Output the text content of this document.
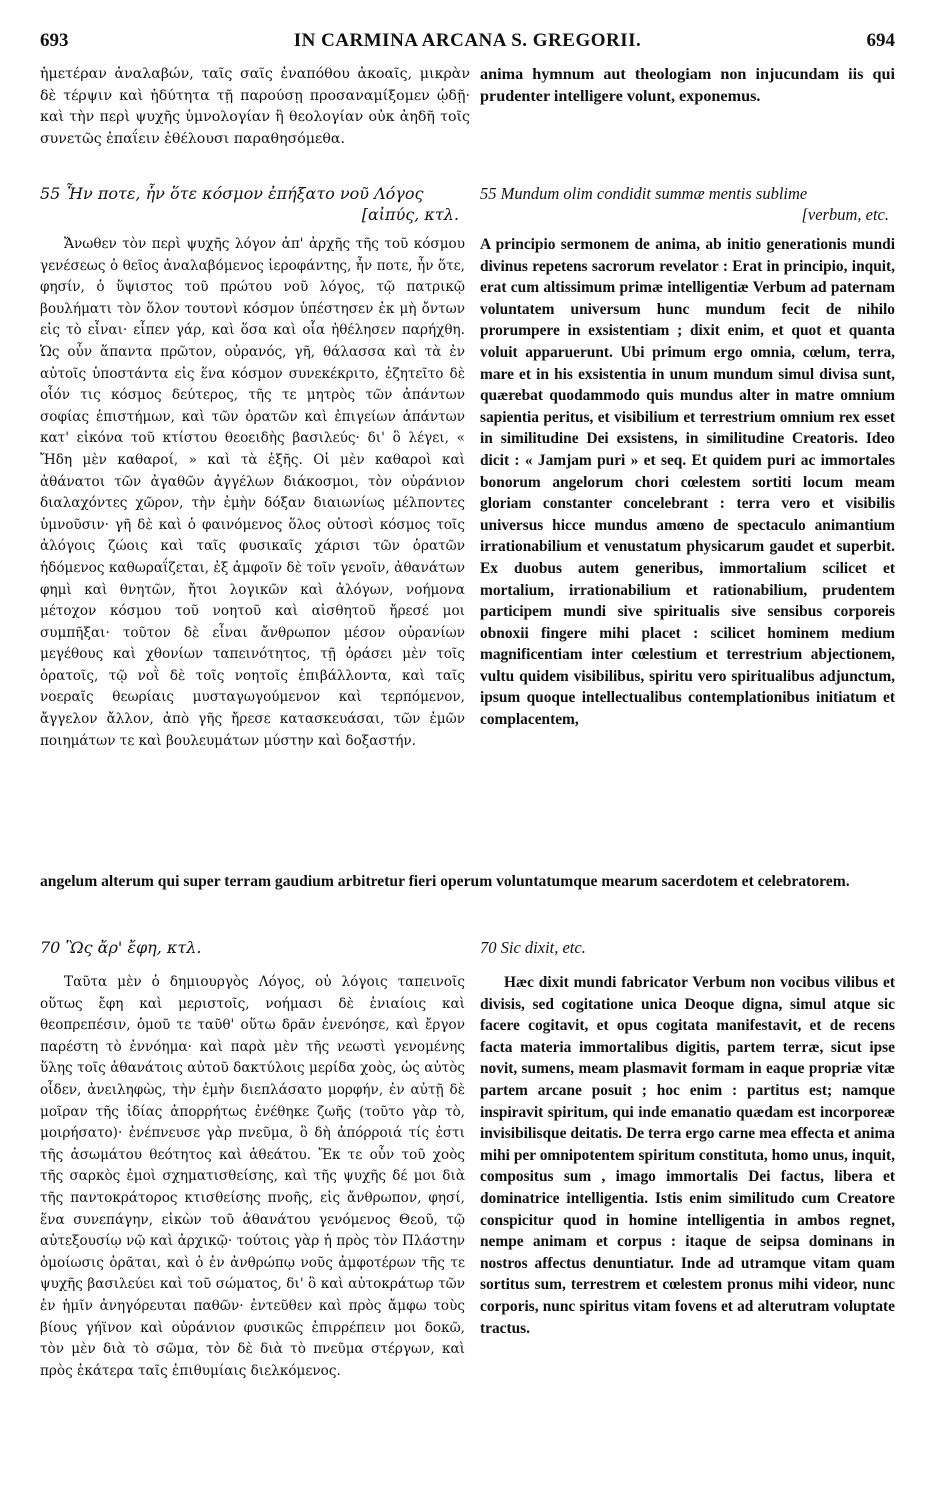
693	IN CARMINA ARCANA S. GREGORII.	694

ἡμετέραν ἀναλαβών, ταῖς σαῖς ἐναπόθου ἀκοαῖς, μικρὰν δὲ τέρψιν καὶ ἡδύτητα τῇ παρούσῃ προσαναμίξομεν ᾠδῇ· καὶ τὴν περὶ ψυχῆς ὑμνολογίαν ἢ θεολογίαν οὐκ ἀηδῆ τοῖς συνετῶς ἐπαΐειν ἐθέλουσι παραθησόμεθα.

anima hymnum aut theologiam non injucundam iis qui prudenter intelligere volunt, exponemus.

55 Ἦν ποτε, ἦν ὅτε κόσμον ἐπήξατο νοῦ Λόγος
[αἰπύς, κτλ.
55 Mundum olim condidit summæ mentis sublime
[verbum, etc.

Ἄνωθεν τὸν περὶ ψυχῆς λόγον ἀπ' ἀρχῆς τῆς τοῦ κόσμου γενέσεως ὁ θεῖος ἀναλαβόμενος ἱεροφάντης, ἦν ποτε, ἦν ὅτε, φησίν, ὁ ὕψιστος τοῦ πρώτου νοῦ λόγος, τῷ πατρικῷ βουλήματι τὸν ὅλον τουτονὶ κόσμον ὑπέστησεν ἐκ μὴ ὄντων εἰς τὸ εἶναι· εἶπεν γάρ, καὶ ὅσα καὶ οἷα ἠθέλησεν παρήχθη. Ὡς οὖν ἅπαντα πρῶτον, οὐρανός, γῆ, θάλασσα καὶ τὰ ἐν αὐτοῖς ὑποστάντα εἰς ἕνα κόσμον συνεκέκριτο, ἐζητεῖτο δὲ οἷόν τις κόσμος δεύτερος, τῆς τε μητρὸς τῶν ἀπάντων σοφίας ἐπιστήμων, καὶ τῶν ὁρατῶν καὶ ἐπιγείων ἁπάντων κατ' εἰκόνα τοῦ κτίστου θεοειδὴς βασιλεύς· δι' ὃ λέγει, « Ἤδη μὲν καθαροί, » καὶ τὰ ἑξῆς. Οἱ μὲν καθαροὶ καὶ ἀθάνατοι τῶν ἀγαθῶν ἀγγέλων διάκοσμοι, τὸν οὐράνιον διαλαχόντες χῶρον, τὴν ἐμὴν δόξαν διαιωνίως μέλποντες ὑμνοῦσιν· γῆ δὲ καὶ ὁ φαινόμενος ὅλος οὑτοσὶ κόσμος τοῖς ἀλόγοις ζώοις καὶ ταῖς φυσικαῖς χάρισι τῶν ὁρατῶν ἡδόμενος καθωραΐζεται, ἐξ ἀμφοῖν δὲ τοῖν γενοῖν, ἀθανάτων φημὶ καὶ θνητῶν, ἤτοι λογικῶν καὶ ἀλόγων, νοήμονα μέτοχον κόσμου τοῦ νοητοῦ καὶ αἰσθητοῦ ἤρεσέ μοι συμπῆξαι· τοῦτον δὲ εἶναι ἄνθρωπον μέσον οὐρανίων μεγέθους καὶ χθονίων ταπεινότητος, τῇ ὁράσει μὲν τοῖς ὁρατοῖς, τῷ νοῒ δὲ τοῖς νοητοῖς ἐπιβάλλοντα, καὶ ταῖς νοεραῖς θεωρίαις μυσταγωγούμενον καὶ τερπόμενον, ἄγγελον ἄλλον, ἀπὸ γῆς ἤρεσε κατασκευάσαι, τῶν ἐμῶν ποιημάτων τε καὶ βουλευμάτων μύστην καὶ δοξαστήν.

A principio sermonem de anima, ab initio generationis mundi divinus repetens sacrorum revelator : Erat in principio, inquit, erat cum altissimum primæ intelligentiæ Verbum ad paternam voluntatem universum hunc mundum fecit de nihilo prorumpere in exsistentiam ; dixit enim, et quot et quanta voluit apparuerunt. Ubi primum ergo omnia, cœlum, terra, mare et in his exsistentia in unum mundum simul divisa sunt, quærebat quodammodo quis mundus alter in matre omnium sapientia peritus, et visibilium et terrestrium omnium rex esset in similitudine Dei exsistens, in similitudine Creatoris. Ideo dicit : « Jamjam puri » et seq. Et quidem puri ac immortales bonorum angelorum chori cœlestem sortiti locum meam gloriam constanter concelebrant : terra vero et visibilis universus hicce mundus amœno de spectaculo animantium irrationabilium et venustatum physicarum gaudet et superbit. Ex duobus autem generibus, immortalium scilicet et mortalium, irrationabilium et rationabilium, prudentem participem mundi sive spiritualis sive sensibus corporeis obnoxii fingere mihi placet : scilicet hominem medium magnificentiam inter cœlestium et terrestrium abjectionem, vultu quidem visibilibus, spiritu vero spiritualibus adjunctum, ipsum quoque intellectualibus contemplationibus initiatum et complacentem,

angelum alterum qui super terram gaudium arbitretur fieri operum voluntatumque mearum sacerdotem et celebratorem.

70 Ὣς ἄρ' ἔφη, κτλ.	70 Sic dixit, etc.

Ταῦτα μὲν ὁ δημιουργὸς Λόγος, οὐ λόγοις ταπεινοῖς οὕτως ἔφη καὶ μεριστοῖς, νοήμασι δὲ ἑνιαίοις καὶ θεοπρεπέσιν, ὁμοῦ τε ταῦθ' οὕτω δρᾶν ἐνενόησε, καὶ ἔργον παρέστη τὸ ἐννόημα· καὶ παρὰ μὲν τῆς νεωστὶ γενομένης ὕλης τοῖς ἀθανάτοις αὐτοῦ δακτύλοις μερίδα χοὸς, ὡς αὐτὸς οἶδεν, ἀνειληφὼς, τὴν ἐμὴν διεπλάσατο μορφήν, ἐν αὐτῇ δὲ μοῖραν τῆς ἰδίας ἀπορρήτως ἐνέθηκε ζωῆς (τοῦτο γὰρ τὸ, μοιρήσατο)· ἐνέπνευσε γὰρ πνεῦμα, ὃ δὴ ἀπόρροιά τίς ἐστι τῆς ἀσωμάτου θεότητος καὶ ἀθεάτου. Ἔκ τε οὖν τοῦ χοὸς τῆς σαρκὸς ἐμοὶ σχηματισθείσης, καὶ τῆς ψυχῆς δέ μοι διὰ τῆς παντοκράτορος κτισθείσης πνοῆς, εἰς ἄνθρωπον, φησί, ἕνα συνεπάγην, εἰκὼν τοῦ ἀθανάτου γενόμενος Θεοῦ, τῷ αὐτεξουσίῳ νῷ καὶ ἀρχικῷ· τούτοις γὰρ ἡ πρὸς τὸν Πλάστην ὁμοίωσις ὁρᾶται, καὶ ὁ ἐν ἀνθρώπῳ νοῦς ἀμφοτέρων τῆς τε ψυχῆς βασιλεύει καὶ τοῦ σώματος, δι' ὃ καὶ αὐτοκράτωρ τῶν ἐν ἡμῖν ἀνηγόρευται παθῶν· ἐντεῦθεν καὶ πρὸς ἄμφω τοὺς βίους γήϊνον καὶ οὐράνιον φυσικῶς ἐπιρρέπειν μοι δοκῶ, τὸν μὲν διὰ τὸ σῶμα, τὸν δὲ διὰ τὸ πνεῦμα στέργων, καὶ πρὸς ἑκάτερα ταῖς ἐπιθυμίαις διελκόμενος.

Hæc dixit mundi fabricator Verbum non vocibus vilibus et divisis, sed cogitatione unica Deoque digna, simul atque sic facere cogitavit, et opus cogitata manifestavit, et de recens facta materia immortalibus digitis, partem terræ, sicut ipse novit, sumens, meam plasmavit formam in eaque propriæ vitæ partem arcane posuit ; hoc enim : partitus est; namque inspiravit spiritum, qui inde emanatio quædam est incorporeæ invisibilisque deitatis. De terra ergo carne mea effecta et anima mihi per omnipotentem spiritum constituta, homo unus, inquit, compositus sum , imago immortalis Dei factus, libera et dominatrice intelligentia. Istis enim similitudo cum Creatore conspicitur quod in homine intelligentia in ambos regnet, nempe animam et corpus : itaque de seipsa dominans in nostros affectus denuntiatur. Inde ad utramque vitam quam sortitus sum, terrestrem et cœlestem pronus mihi videor, nunc corporis, nunc spiritus vitam fovens et ad alterutram voluptate tractus.
